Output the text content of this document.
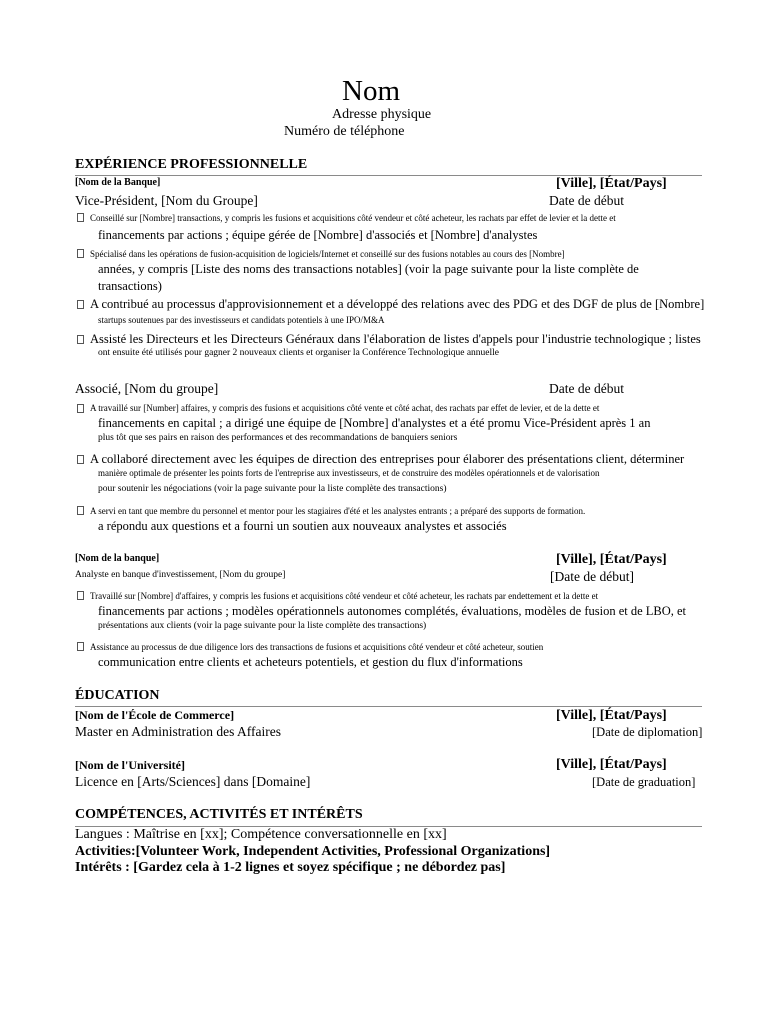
Nom
Adresse physique
Numéro de téléphone
EXPÉRIENCE PROFESSIONNELLE
[Nom de la Banque]	[Ville], [État/Pays]
Vice-Président, [Nom du Groupe]	Date de début
Conseillé sur [Nombre] transactions, y compris les fusions et acquisitions côté vendeur et côté acheteur, les rachats par effet de levier et la dette et
financements par actions ; équipe gérée de [Nombre] d'associés et [Nombre] d'analystes
Spécialisé dans les opérations de fusion-acquisition de logiciels/Internet et conseillé sur des fusions notables au cours des [Nombre]
années, y compris [Liste des noms des transactions notables] (voir la page suivante pour la liste complète de
transactions)
A contribué au processus d'approvisionnement et a développé des relations avec des PDG et des DGF de plus de [Nombre]
startups soutenues par des investisseurs et candidats potentiels à une IPO/M&A
Assisté les Directeurs et les Directeurs Généraux dans l'élaboration de listes d'appels pour l'industrie technologique ; listes
ont ensuite été utilisés pour gagner 2 nouveaux clients et organiser la Conférence Technologique annuelle
Associé, [Nom du groupe]	Date de début
A travaillé sur [Number] affaires, y compris des fusions et acquisitions côté vente et côté achat, des rachats par effet de levier, et de la dette et
financements en capital ; a dirigé une équipe de [Nombre] d'analystes et a été promu Vice-Président après 1 an
plus tôt que ses pairs en raison des performances et des recommandations de banquiers seniors
A collaboré directement avec les équipes de direction des entreprises pour élaborer des présentations client, déterminer
manière optimale de présenter les points forts de l'entreprise aux investisseurs, et de construire des modèles opérationnels et de valorisation
pour soutenir les négociations (voir la page suivante pour la liste complète des transactions)
A servi en tant que membre du personnel et mentor pour les stagiaires d'été et les analystes entrants ; a préparé des supports de formation.
a répondu aux questions et a fourni un soutien aux nouveaux analystes et associés
[Nom de la banque]	[Ville], [État/Pays]
Analyste en banque d'investissement, [Nom du groupe]	[Date de début]
Travaillé sur [Nombre] d'affaires, y compris les fusions et acquisitions côté vendeur et côté acheteur, les rachats par endettement et la dette et
financements par actions ; modèles opérationnels autonomes complétés, évaluations, modèles de fusion et de LBO, et
présentations aux clients (voir la page suivante pour la liste complète des transactions)
Assistance au processus de due diligence lors des transactions de fusions et acquisitions côté vendeur et côté acheteur, soutien
communication entre clients et acheteurs potentiels, et gestion du flux d'informations
ÉDUCATION
[Nom de l'École de Commerce]	[Ville], [État/Pays]
Master en Administration des Affaires	[Date de diplomation]
[Nom de l'Université]	[Ville], [État/Pays]
Licence en [Arts/Sciences] dans [Domaine]	[Date de graduation]
COMPÉTENCES, ACTIVITÉS ET INTÉRÊTS
Langues : Maîtrise en [xx]; Compétence conversationnelle en [xx]
Activities:[Volunteer Work, Independent Activities, Professional Organizations]
Intérêts : [Gardez cela à 1-2 lignes et soyez spécifique ; ne débordez pas]
